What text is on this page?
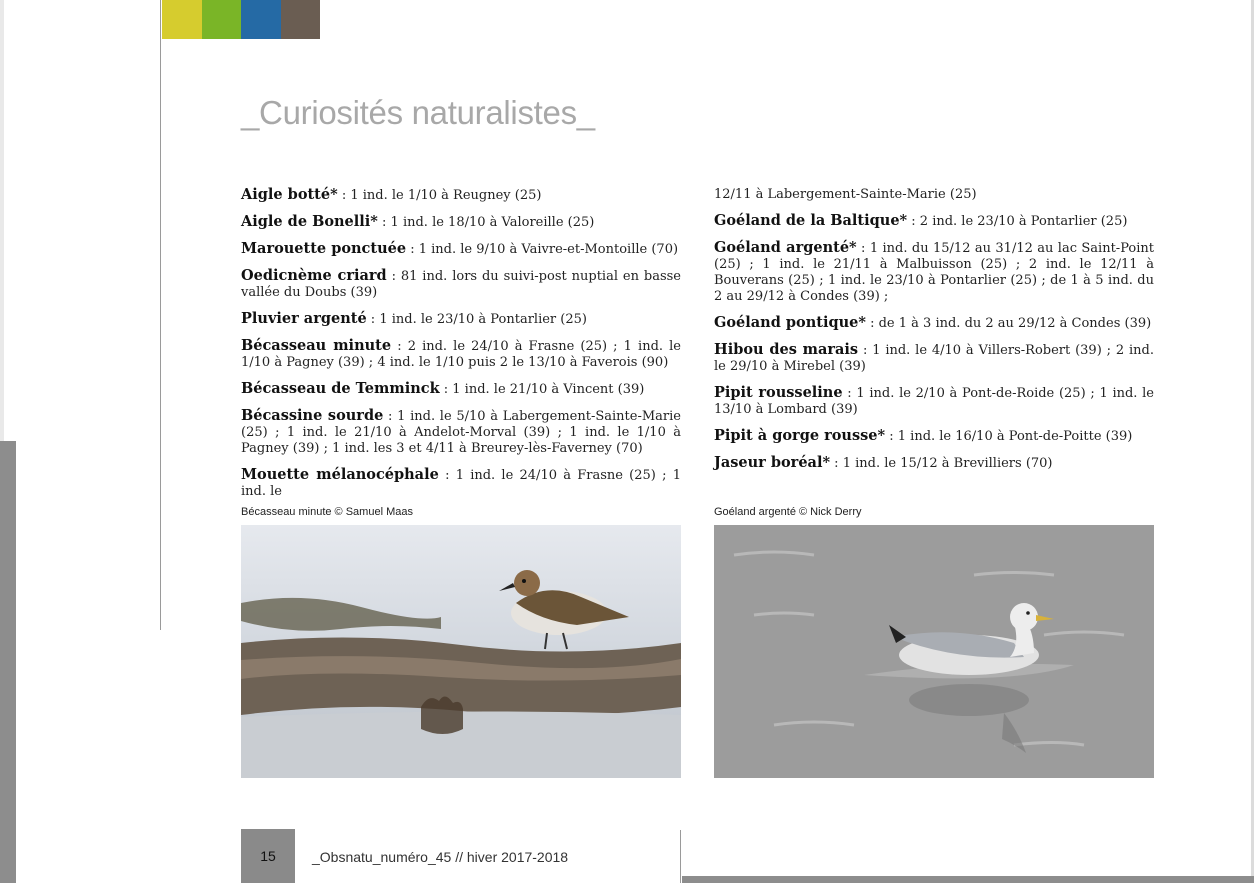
_Curiosités naturalistes_

Aigle botté* : 1 ind. le 1/10 à Reugney (25)

Aigle de Bonelli* : 1 ind. le 18/10 à Valoreille (25)

Marouette ponctuée : 1 ind. le 9/10 à Vaivre-et-Montoille (70)

Oedicnème criard : 81 ind. lors du suivi-post nuptial en basse vallée du Doubs (39)

Pluvier argenté : 1 ind. le 23/10 à Pontarlier (25)

Bécasseau minute : 2 ind. le 24/10 à Frasne (25) ; 1 ind. le 1/10 à Pagney (39) ; 4 ind. le 1/10 puis 2 le 13/10 à Faverois (90)

Bécasseau de Temminck : 1 ind. le 21/10 à Vincent (39)

Bécassine sourde : 1 ind. le 5/10 à Labergement-Sainte-Marie (25) ; 1 ind. le 21/10 à Andelot-Morval (39) ; 1 ind. le 1/10 à Pagney (39) ; 1 ind. les 3 et 4/11 à Breurey-lès-Faverney (70)

Mouette mélanocéphale : 1 ind. le 24/10 à Frasne (25) ; 1 ind. le

12/11 à Labergement-Sainte-Marie (25)

Goéland de la Baltique* : 2 ind. le 23/10 à Pontarlier (25)

Goéland argenté* : 1 ind. du 15/12 au 31/12 au lac Saint-Point (25) ; 1 ind. le 21/11 à Malbuisson (25) ; 2 ind. le 12/11 à Bouverans (25) ; 1 ind. le 23/10 à Pontarlier (25) ; de 1 à 5 ind. du 2 au 29/12 à Condes (39) ;

Goéland pontique* : de 1 à 3 ind. du 2 au 29/12 à Condes (39)

Hibou des marais : 1 ind. le 4/10 à Villers-Robert (39) ; 2 ind. le 29/10 à Mirebel (39)

Pipit rousseline : 1 ind. le 2/10 à Pont-de-Roide (25) ; 1 ind. le 13/10 à Lombard (39)

Pipit à gorge rousse* : 1 ind. le 16/10 à Pont-de-Poitte (39)

Jaseur boréal* : 1 ind. le 15/12 à Brevilliers (70)

Bécasseau minute © Samuel Maas	Goéland argenté © Nick Derry
15	_Obsnatu_numéro_45 // hiver 2017-2018
